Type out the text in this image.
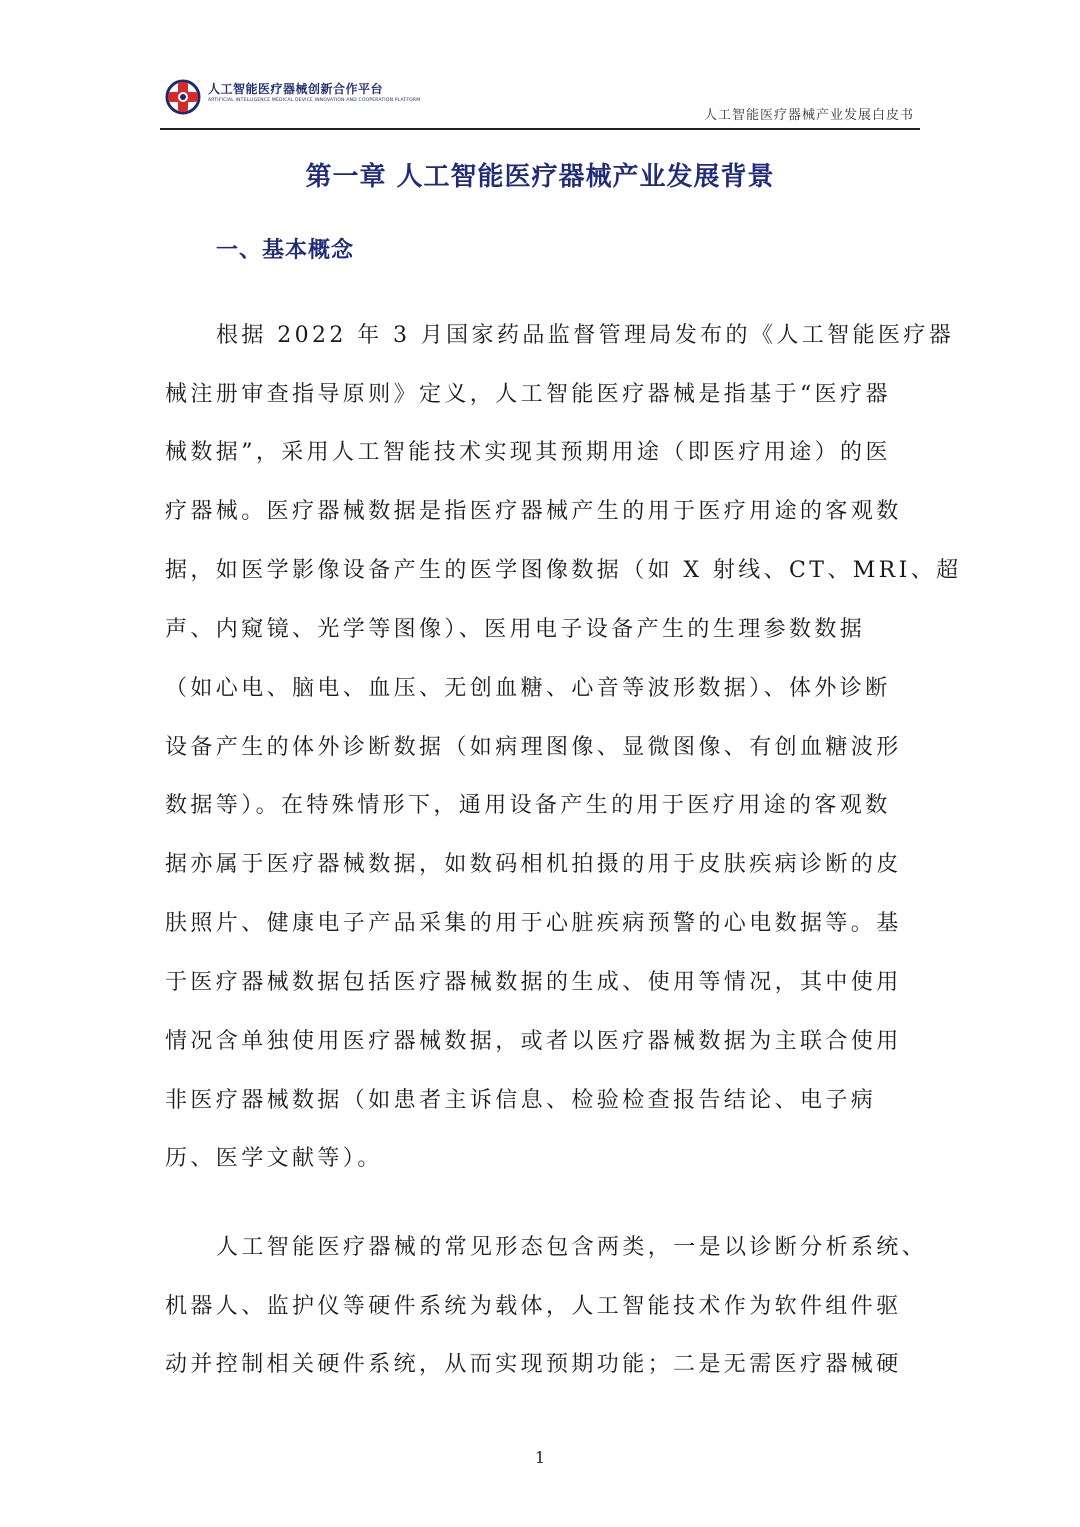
人工智能医疗器械创新合作平台
ARTIFICIAL INTELLIGENCE MEDICAL DEVICE INNOVATION AND COOPERATION PLATFORM
人工智能医疗器械产业发展白皮书
第一章 人工智能医疗器械产业发展背景
一、基本概念
根据 2022 年 3 月国家药品监督管理局发布的《人工智能医疗器
械注册审查指导原则》定义，人工智能医疗器械是指基于“医疗器
械数据”，采用人工智能技术实现其预期用途（即医疗用途）的医
疗器械。医疗器械数据是指医疗器械产生的用于医疗用途的客观数
据，如医学影像设备产生的医学图像数据（如 X 射线、CT、MRI、超
声、内窥镜、光学等图像）、医用电子设备产生的生理参数数据
（如心电、脑电、血压、无创血糖、心音等波形数据）、体外诊断
设备产生的体外诊断数据（如病理图像、显微图像、有创血糖波形
数据等）。在特殊情形下，通用设备产生的用于医疗用途的客观数
据亦属于医疗器械数据，如数码相机拍摄的用于皮肤疾病诊断的皮
肤照片、健康电子产品采集的用于心脏疾病预警的心电数据等。基
于医疗器械数据包括医疗器械数据的生成、使用等情况，其中使用
情况含单独使用医疗器械数据，或者以医疗器械数据为主联合使用
非医疗器械数据（如患者主诉信息、检验检查报告结论、电子病
历、医学文献等）。
人工智能医疗器械的常见形态包含两类，一是以诊断分析系统、
机器人、监护仪等硬件系统为载体，人工智能技术作为软件组件驱
动并控制相关硬件系统，从而实现预期功能；二是无需医疗器械硬
1
